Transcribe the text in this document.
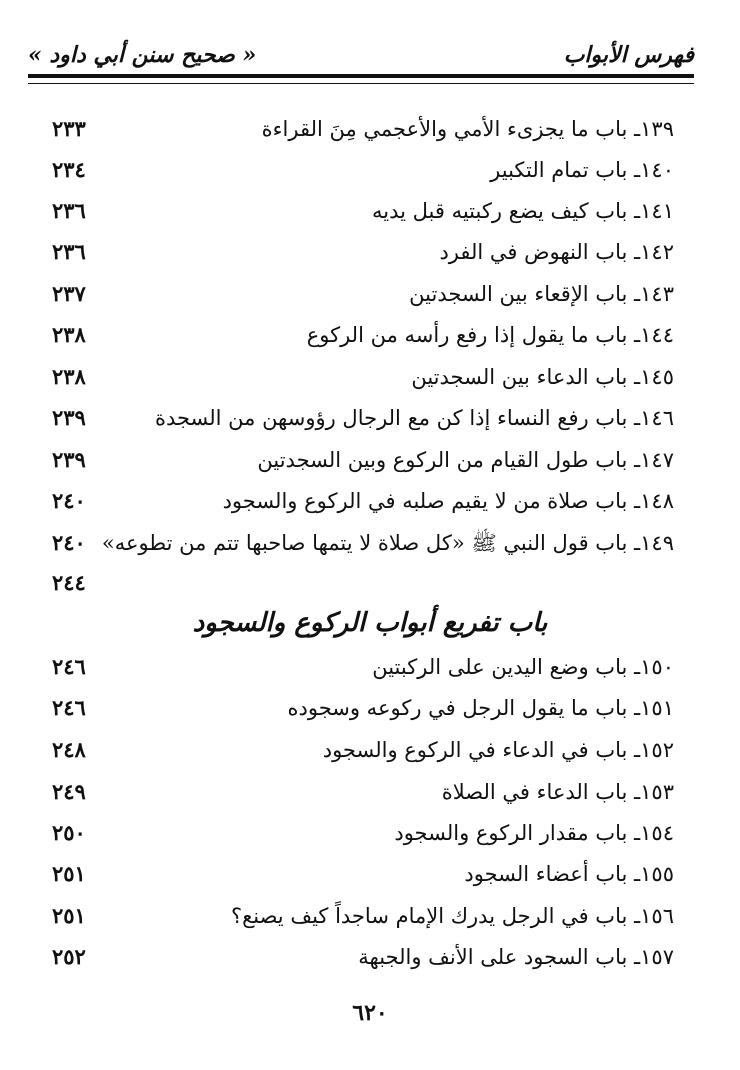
فهرس الأبواب
« صحيح سنن أبي داود »
١٣٩ـ باب ما يجزىء الأمي والأعجمي مِنَ القراءة
٢٣٣
١٤٠ـ باب تمام التكبير
٢٣٤
١٤١ـ باب كيف يضع ركبتيه قبل يديه
٢٣٦
١٤٢ـ باب النهوض في الفرد
٢٣٦
١٤٣ـ باب الإقعاء بين السجدتين
٢٣٧
١٤٤ـ باب ما يقول إذا رفع رأسه من الركوع
٢٣٨
١٤٥ـ باب الدعاء بين السجدتين
٢٣٨
١٤٦ـ باب رفع النساء إذا كن مع الرجال رؤوسهن من السجدة
٢٣٩
١٤٧ـ باب طول القيام من الركوع وبين السجدتين
٢٣٩
١٤٨ـ باب صلاة من لا يقيم صلبه في الركوع والسجود
٢٤٠
١٤٩ـ باب قول النبي ﷺ «كل صلاة لا يتمها صاحبها تتم من تطوعه»
٢٤٠
٢٤٤
باب تفريع أبواب الركوع والسجود
١٥٠ـ باب وضع اليدين على الركبتين
٢٤٦
١٥١ـ باب ما يقول الرجل في ركوعه وسجوده
٢٤٦
١٥٢ـ باب في الدعاء في الركوع والسجود
٢٤٨
١٥٣ـ باب الدعاء في الصلاة
٢٤٩
١٥٤ـ باب مقدار الركوع والسجود
٢٥٠
١٥٥ـ باب أعضاء السجود
٢٥١
١٥٦ـ باب في الرجل يدرك الإمام ساجداً كيف يصنع؟
٢٥١
١٥٧ـ باب السجود على الأنف والجبهة
٢٥٢
٦٢٠
